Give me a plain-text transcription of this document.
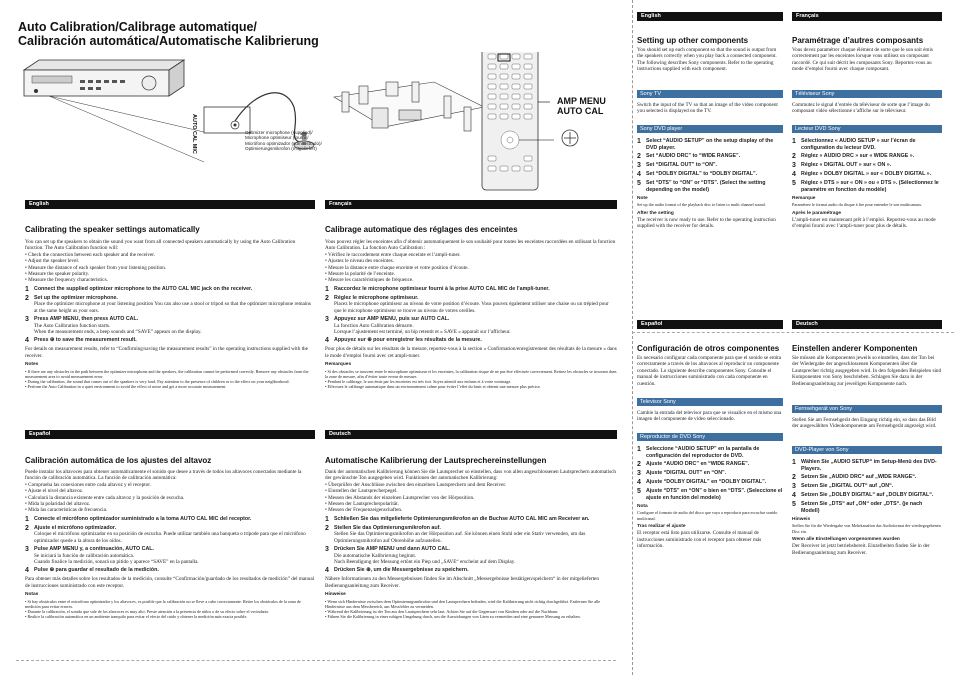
Auto Calibration/Calibrage automatique/
Calibración automática/Automatische Kalibrierung
AUTO CAL MIC	Optimizer microphone (supplied)/
Microphone optimiseur (fourni)/
Micrófono optimizador (suministrado)/
Optimierungsmikrofon (mitgeliefert)
AMP MENU
AUTO CAL
English
Calibrating the speaker settings automatically
You can set up the speakers to obtain the sound you want from all connected speakers automatically by using the Auto Calibration function. The Auto Calibration function will:
• Check the connection between each speaker and the receiver.
• Adjust the speaker level.
• Measure the distance of each speaker from your listening position.
• Measure the speaker polarity.
• Measure the frequency characteristics.
1 Connect the supplied optimizer microphone to the AUTO CAL MIC jack on the receiver.
2 Set up the optimizer microphone.
Place the optimizer microphone at your listening position You can also use a stool or tripod so that the optimizer microphone remains at the same height as your ears.
3 Press AMP MENU, then press AUTO CAL.
The Auto Calibration function starts.
When the measurement ends, a beep sounds and “SAVE” appears on the display.
4 Press ⊕ to save the measurement result.
For details on measurement results, refer to “Confirming/saving the measurement results” in the operating instructions supplied with the receiver.
Notes
• If there are any obstacles in the path between the optimizer microphone and the speakers, the calibration cannot be performed correctly. Remove any obstacles from the measurement area to avoid measurement error.
• During the calibration, the sound that comes out of the speakers is very loud. Pay attention to the presence of children or to the effect on your neighborhood.
• Perform the Auto Calibration in a quiet environment to avoid the effect of noise and get a more accurate measurement.
Français
Calibrage automatique des réglages des enceintes
Vous pouvez régler les enceintes afin d’obtenir automatiquement le son souhaité pour toutes les enceintes raccordées en utilisant la fonction Auto Calibration. La fonction Auto Calibration :
• Vérifiez le raccordement entre chaque enceinte et l’ampli-tuner.
• Ajustez le niveau des enceintes.
• Mesure la distance entre chaque enceinte et votre position d’écoute.
• Mesure la polarité de l’enceinte.
• Mesure les caractéristiques de fréquence.
1 Raccordez le microphone optimiseur fourni à la prise AUTO CAL MIC de l’ampli-tuner.
2 Réglez le microphone optimiseur.
Placez le microphone optimiseur au niveau de votre position d’écoute. Vous pouvez également utiliser une chaise ou un trépied pour que le microphone optimiseur se trouve au niveau de votres oreilles.
3 Appuyez sur AMP MENU, puis sur AUTO CAL.
La fonction Auto Calibration démarre.
Lorsque l’ajustement est terminé, un bip retentit et « SAVE » apparaît sur l’afficheur.
4 Appuyez sur ⊕ pour enregistrer les résultats de la mesure.
Pour plus de détails sur les résultats de la mesure, reportez-vous à la section « Confirmation/enregistrement des résultats de la mesure » dans le mode d’emploi fourni avec cet ampli-tuner.
Remarques
• Si des obstacles se trouvent entre le microphone optimiseur et les enceintes, la calibration risque de ne pas être effectuée correctement. Retirez les obstacles se trouvant dans la zone de mesure, afin d’éviter toute erreur de mesure.
• Pendant le calibrage, le son émis par les enceintes est très fort. Soyez attentif aux enfants et à votre voisinage.
• Effectuez le calibrage automatique dans un environnement calme pour éviter l’effet du bruit et obtenir une mesure plus précise.
Español
Calibración automática de los ajustes del altavoz
Puede instalar los altavoces para obtener automáticamente el sonido que desee a través de todos los altavoces conectados mediante la función de calibración automática. La función de calibración automática:
• Comprueba las conexiones entre cada altavoz y el receptor.
• Ajuste el nivel del altavoz.
• Calculará la distancia existente entre cada altavoz y la posición de escucha.
• Mida la polaridad del altavoz.
• Mida las características de frecuencia.
1 Conecte el micrófono optimizador suministrado a la toma AUTO CAL MIC del receptor.
2 Ajuste el micrófono optimizador.
Coloque el micrófono optimizador en su posición de escucha. Puede utilizar también una banqueta o trípode para que el micrófono optimizador quede a la altura de los oídos.
3 Pulse AMP MENU y, a continuación, AUTO CAL.
Se iniciará la función de calibración automática.
Cuando finalice la medición, sonará un pitido y aparece “SAVE” en la pantalla.
4 Pulse ⊕ para guardar el resultado de la medición.
Para obtener más detalles sobre los resultados de la medición, consulte “Confirmación/guardado de los resultados de medición” del manual de instrucciones suministrado con este receptor.
Notas
• Si hay obstáculos entre el micrófono optimizador y los altavoces, es posible que la calibración no se lleve a cabo correctamente. Retire los obstáculos de la zona de medición para evitar errores.
• Durante la calibración, el sonido que sale de los altavoces es muy alto. Preste atención a la presencia de niños o de su efecto sobre el vecindario.
• Realice la calibración automática en un ambiente tranquilo para evitar el efecto del ruido y obtener la medición más exacta posible.
Deutsch
Automatische Kalibrierung der Lautsprechereinstellungen
Dank der automatischen Kalibrierung können Sie die Lautsprecher so einstellen, dass von allen angeschlossenen Lautsprechern automatisch der gewünschte Ton ausgegeben wird. Funktionen der automatischen Kalibrierung:
• Überprüfen der Anschlüsse zwischen den einzelnen Lautsprechern und dem Receiver.
• Einstellen der Lautsprecherpegel.
• Messen des Abstands der einzelnen Lautsprecher von der Hörposition.
• Messen der Lautsprecherpolarität.
• Messen der Frequenzeigenschaften.
1 Schließen Sie das mitgelieferte Optimierungsmikrofon an die Buchse AUTO CAL MIC am Receiver an.
2 Stellen Sie das Optimierungsmikrofon auf.
Stellen Sie das Optimierungsmikrofon an der Hörposition auf. Sie können einen Stuhl oder ein Stativ verwenden, um das Optimierungsmikrofon auf Ohrenhöhe aufzustellen.
3 Drücken Sie AMP MENU und dann AUTO CAL.
Die automatische Kalibrierung beginnt.
Nach Beendigung der Messung ertönt ein Piep und „SAVE“ erscheint auf dem Display.
4 Drücken Sie ⊕, um die Messergebnisse zu speichern.
Nähere Informationen zu den Messergebnissen finden Sie im Abschnitt „Messergebnisse bestätigen/speichern“ in der mitgelieferten Bedienungsanleitung zum Receiver.
Hinweise
• Wenn sich Hindernisse zwischen dem Optimierungsmikrofon und den Lautsprechern befinden, wird die Kalibrierung nicht richtig durchgeführt. Entfernen Sie alle Hindernisse aus dem Messbereich, um Messfehler zu vermeiden.
• Während der Kalibrierung ist der Ton aus den Lautsprechern sehr laut. Achten Sie auf die Gegenwart von Kindern oder auf die Nachbarn.
• Führen Sie die Kalibrierung in einer ruhigen Umgebung durch, um die Auswirkungen von Lärm zu vermeiden und eine genauere Messung zu erhalten.
English
Setting up other components
You should set up each component so that the sound is output from the speakers correctly when you play back a connected component. The following describes Sony components. Refer to the operating instructions supplied with each component.
Sony TV
Switch the input of the TV so that an image of the video component you selected is displayed on the TV.
Sony DVD player
1 Select “AUDIO SETUP” on the setup display of the DVD player.
2 Set “AUDIO DRC” to “WIDE RANGE”.
3 Set “DIGITAL OUT” to “ON”.
4 Set “DOLBY DIGITAL” to “DOLBY DIGITAL”.
5 Set “DTS” to “ON” or “DTS”. (Select the setting depending on the model)
Note
Set up the audio format of the playback disc to listen to multi channel sound.
After the setting
The receiver is now ready to use. Refer to the operating instruction supplied with the receiver for details.
Français
Paramétrage d’autres composants
Vous devez paramétrer chaque élément de sorte que le son soit émis correctement par les enceintes lorsque vous utilisez un composant raccordé. Ce qui suit décrit les composants Sony. Reportez-vous au mode d’emploi fourni avec chaque composant.
Téléviseur Sony
Commutez le signal d’entrée du téléviseur de sorte que l’image du composant vidéo sélectionné s’affiche sur le téléviseur.
Lecteur DVD Sony
1 Sélectionnez « AUDIO SETUP » sur l’écran de configuration du lecteur DVD.
2 Réglez « AUDIO DRC » sur « WIDE RANGE ».
3 Réglez « DIGITAL OUT » sur « ON ».
4 Réglez « DOLBY DIGITAL » sur « DOLBY DIGITAL ».
5 Réglez « DTS » sur « ON » ou « DTS ». (Sélectionnez le paramètre en fonction du modèle)
Remarque
Paramétrez le format audio du disque à lire pour entendre le son multicanaux.
Après le paramétrage
L’ampli-tuner est maintenant prêt à l’emploi. Reportez-vous au mode d’emploi fourni avec l’ampli-tuner pour plus de détails.
Español
Configuración de otros componentes
Es necesario configurar cada componente para que el sonido se emita correctamente a través de los altavoces al reproducir un componente conectado. Lo siguiente describe componentes Sony. Consulte el manual de instrucciones suministrado con cada componente en cuestión.
Televisor Sony
Cambie la entrada del televisor para que se visualice en el mismo una imagen del componente de vídeo seleccionado.
Reproductor de DVD Sony
1 Seleccione “AUDIO SETUP” en la pantalla de configuración del reproductor de DVD.
2 Ajuste “AUDIO DRC” en “WIDE RANGE”.
3 Ajuste “DIGITAL OUT” en “ON”.
4 Ajuste “DOLBY DIGITAL” en “DOLBY DIGITAL”.
5 Ajuste “DTS” en “ON” o bien en “DTS”. (Seleccione el ajuste en función del modelo)
Nota
Configure el formato de audio del disco que vaya a reproducir para escuchar sonido multicanal.
Tras realizar el ajuste
El receptor está listo para utilizarse. Consulte el manual de instrucciones suministrado con el receptor para obtener más información.
Deutsch
Einstellen anderer Komponenten
Sie müssen alle Komponenten jeweils so einstellen, dass der Ton bei der Wiedergabe der angeschlossenen Komponenten über die Lautsprecher richtig ausgegeben wird. In den folgenden Beispielen sind Komponenten von Sony beschrieben. Schlagen Sie dazu in der Bedienungsanleitung zur jeweiligen Komponente nach.
Fernsehgerät von Sony
Stellen Sie am Fernsehgerät den Eingang richtig ein, so dass das Bild der ausgewählten Videokomponente am Fernsehgerät angezeigt wird.
DVD-Player von Sony
1 Wählen Sie „AUDIO SETUP“ im Setup-Menü des DVD-Players.
2 Setzen Sie „AUDIO DRC“ auf „WIDE RANGE“.
3 Setzen Sie „DIGITAL OUT“ auf „ON“.
4 Setzen Sie „DOLBY DIGITAL“ auf „DOLBY DIGITAL“.
5 Setzen Sie „DTS“ auf „ON“ oder „DTS“. (je nach Modell)
Hinweis
Stellen Sie für die Wiedergabe von Mehrkanalton das Audioformat der wiedergegebenen Disc ein.
Wenn alle Einstellungen vorgenommen wurden
Der Receiver ist jetzt betriebsbereit. Einzelheiten finden Sie in der Bedienungsanleitung zum Receiver.
